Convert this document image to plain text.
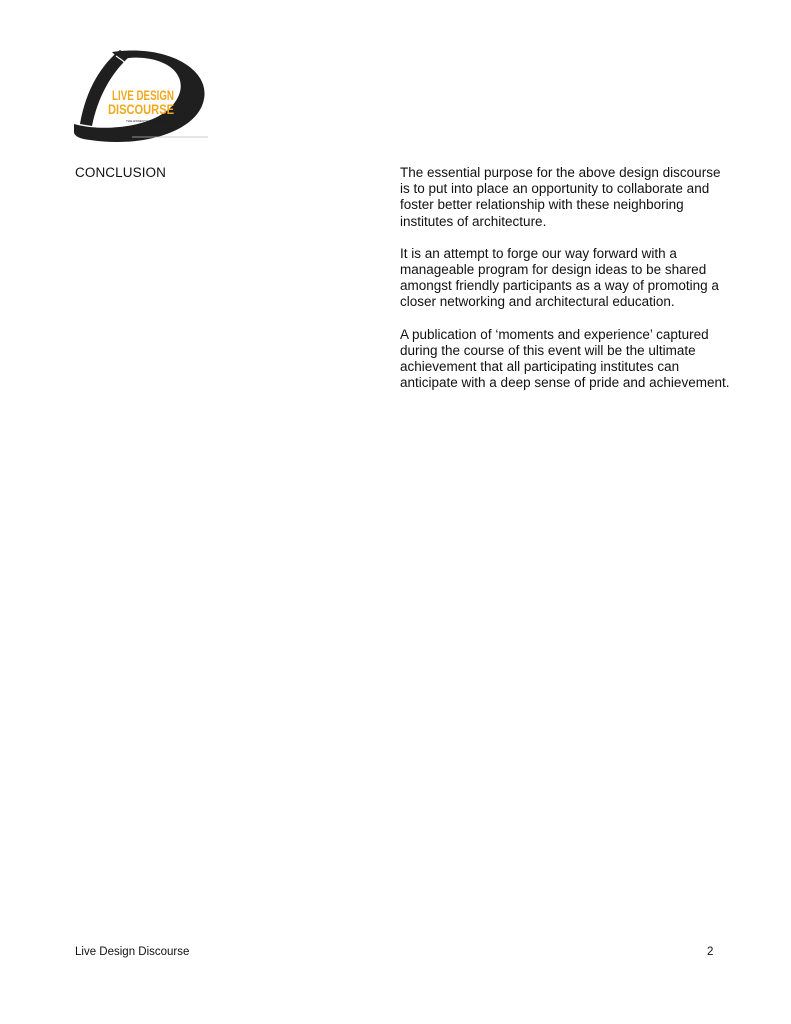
LIVE DESIGN
DISCOURSE
THE ESSENTIAL ENGAGEMENT
CONCLUSION	The essential purpose for the above design discourse is to put into place an opportunity to collaborate and foster better relationship with these neighboring institutes of architecture.

It is an attempt to forge our way forward with a manageable program for design ideas to be shared amongst friendly participants as a way of promoting a closer networking and architectural education.

A publication of ‘moments and experience’ captured during the course of this event will be the ultimate achievement that all participating institutes can anticipate with a deep sense of pride and achievement.

Live Design Discourse	2
